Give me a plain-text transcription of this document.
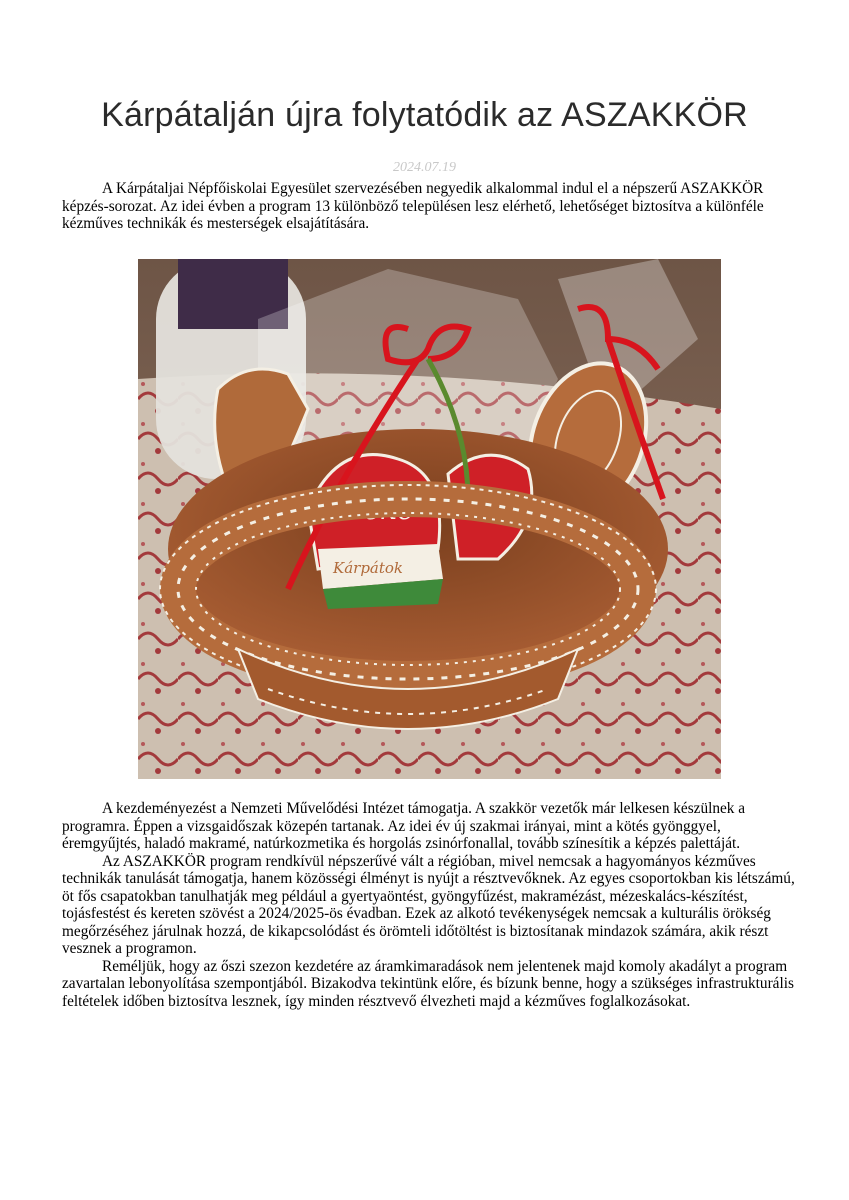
Kárpátalján újra folytatódik az ASZAKKÖR
2024.07.19

A Kárpátaljai Népfőiskolai Egyesület szervezésében negyedik alkalommal indul el a népszerű ASZAKKÖR képzés-sorozat. Az idei évben a program 13 különböző településen lesz elérhető, lehetőséget biztosítva a különféle kézműves technikák és mesterségek elsajátítására.

Béke
Kárpátok

A kezdeményezést a Nemzeti Művelődési Intézet támogatja. A szakkör vezetők már lelkesen készülnek a programra. Éppen a vizsgaidőszak közepén tartanak. Az idei év új szakmai irányai, mint a kötés gyönggyel, éremgyűjtés, haladó makramé, natúrkozmetika és horgolás zsinórfonallal, tovább színesítik a képzés palettáját.

Az ASZAKKÖR program rendkívül népszerűvé vált a régióban, mivel nemcsak a hagyományos kézműves technikák tanulását támogatja, hanem közösségi élményt is nyújt a résztvevőknek. Az egyes csoportokban kis létszámú, öt fős csapatokban tanulhatják meg például a gyertyaöntést, gyöngyfűzést, makramézást, mézeskalács-készítést, tojásfestést és kereten szövést a 2024/2025-ös évadban. Ezek az alkotó tevékenységek nemcsak a kulturális örökség megőrzéséhez járulnak hozzá, de kikapcsolódást és örömteli időtöltést is biztosítanak mindazok számára, akik részt vesznek a programon.

Reméljük, hogy az őszi szezon kezdetére az áramkimaradások nem jelentenek majd komoly akadályt a program zavartalan lebonyolítása szempontjából. Bizakodva tekintünk előre, és bízunk benne, hogy a szükséges infrastrukturális feltételek időben biztosítva lesznek, így minden résztvevő élvezheti majd a kézműves foglalkozásokat.
